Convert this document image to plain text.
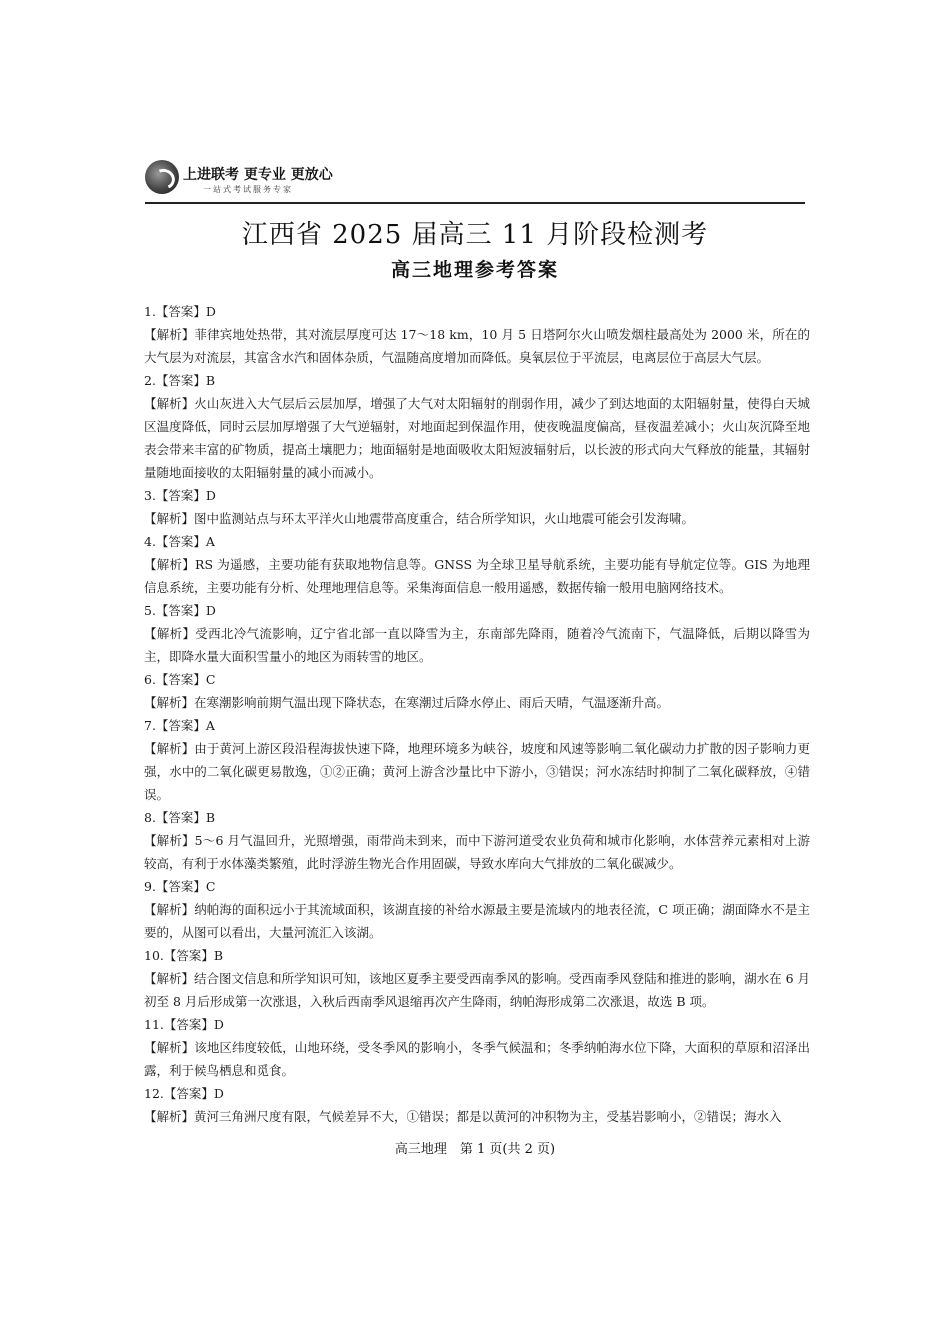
上进联考 更专业 更放心
一站式考试服务专家
江西省 2025 届高三 11 月阶段检测考
高三地理参考答案

1.【答案】D

【解析】菲律宾地处热带，其对流层厚度可达 17～18 km，10 月 5 日塔阿尔火山喷发烟柱最高处为 2000 米，所在的大气层为对流层，其富含水汽和固体杂质，气温随高度增加而降低。臭氧层位于平流层，电离层位于高层大气层。

2.【答案】B

【解析】火山灰进入大气层后云层加厚，增强了大气对太阳辐射的削弱作用，减少了到达地面的太阳辐射量，使得白天城区温度降低，同时云层加厚增强了大气逆辐射，对地面起到保温作用，使夜晚温度偏高，昼夜温差减小；火山灰沉降至地表会带来丰富的矿物质，提高土壤肥力；地面辐射是地面吸收太阳短波辐射后，以长波的形式向大气释放的能量，其辐射量随地面接收的太阳辐射量的减小而减小。

3.【答案】D

【解析】图中监测站点与环太平洋火山地震带高度重合，结合所学知识，火山地震可能会引发海啸。

4.【答案】A

【解析】RS 为遥感，主要功能有获取地物信息等。GNSS 为全球卫星导航系统，主要功能有导航定位等。GIS 为地理信息系统，主要功能有分析、处理地理信息等。采集海面信息一般用遥感，数据传输一般用电脑网络技术。

5.【答案】D

【解析】受西北冷气流影响，辽宁省北部一直以降雪为主，东南部先降雨，随着冷气流南下，气温降低，后期以降雪为主，即降水量大面积雪量小的地区为雨转雪的地区。

6.【答案】C

【解析】在寒潮影响前期气温出现下降状态，在寒潮过后降水停止、雨后天晴，气温逐渐升高。

7.【答案】A

【解析】由于黄河上游区段沿程海拔快速下降，地理环境多为峡谷，坡度和风速等影响二氧化碳动力扩散的因子影响力更强，水中的二氧化碳更易散逸，①②正确；黄河上游含沙量比中下游小，③错误；河水冻结时抑制了二氧化碳释放，④错误。

8.【答案】B

【解析】5～6 月气温回升，光照增强，雨带尚未到来，而中下游河道受农业负荷和城市化影响，水体营养元素相对上游较高，有利于水体藻类繁殖，此时浮游生物光合作用固碳，导致水库向大气排放的二氧化碳减少。

9.【答案】C

【解析】纳帕海的面积远小于其流域面积，该湖直接的补给水源最主要是流域内的地表径流，C 项正确；湖面降水不是主要的，从图可以看出，大量河流汇入该湖。

10.【答案】B

【解析】结合图文信息和所学知识可知，该地区夏季主要受西南季风的影响。受西南季风登陆和推进的影响，湖水在 6 月初至 8 月后形成第一次涨退，入秋后西南季风退缩再次产生降雨，纳帕海形成第二次涨退，故选 B 项。

11.【答案】D

【解析】该地区纬度较低，山地环绕，受冬季风的影响小，冬季气候温和；冬季纳帕海水位下降，大面积的草原和沼泽出露，利于候鸟栖息和觅食。

12.【答案】D

【解析】黄河三角洲尺度有限，气候差异不大，①错误；都是以黄河的冲积物为主，受基岩影响小，②错误；海水入

高三地理　第 1 页(共 2 页)
